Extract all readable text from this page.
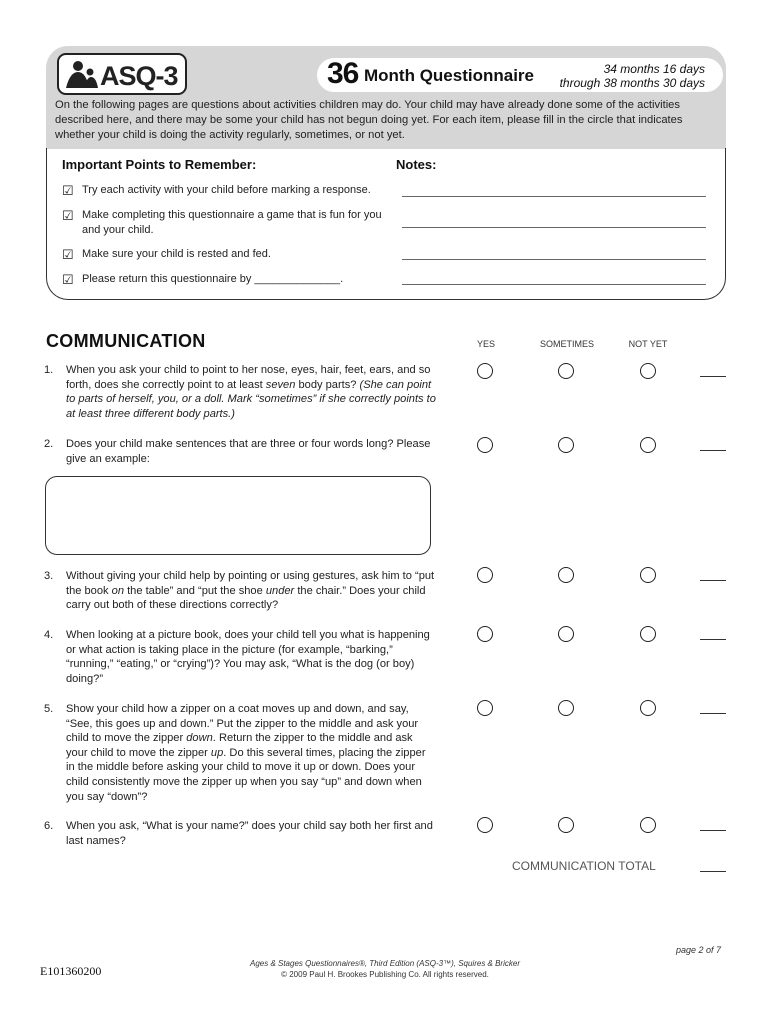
ASQ-3	36 Month Questionnaire	34 months 16 days
through 38 months 30 days
On the following pages are questions about activities children may do. Your child may have already done some of the activities described here, and there may be some your child has not begun doing yet. For each item, please fill in the circle that indicates whether your child is doing the activity regularly, sometimes, or not yet.
Important Points to Remember:	Notes:
☑ Try each activity with your child before marking a response.
☑ Make completing this questionnaire a game that is fun for you and your child.
☑ Make sure your child is rested and fed.
☑ Please return this questionnaire by ______________.
COMMUNICATION	YES	SOMETIMES	NOT YET
1. When you ask your child to point to her nose, eyes, hair, feet, ears, and so forth, does she correctly point to at least seven body parts? (She can point to parts of herself, you, or a doll. Mark “sometimes” if she correctly points to at least three different body parts.)
2. Does your child make sentences that are three or four words long? Please give an example:
3. Without giving your child help by pointing or using gestures, ask him to “put the book on the table” and “put the shoe under the chair.” Does your child carry out both of these directions correctly?
4. When looking at a picture book, does your child tell you what is happening or what action is taking place in the picture (for example, “barking,” “running,” “eating,” or “crying”)? You may ask, “What is the dog (or boy) doing?”
5. Show your child how a zipper on a coat moves up and down, and say, “See, this goes up and down.” Put the zipper to the middle and ask your child to move the zipper down. Return the zipper to the middle and ask your child to move the zipper up. Do this several times, placing the zipper in the middle before asking your child to move it up or down. Does your child consistently move the zipper up when you say “up” and down when you say “down”?
6. When you ask, “What is your name?” does your child say both her first and last names?
COMMUNICATION TOTAL
page 2 of 7
E101360200
Ages & Stages Questionnaires®, Third Edition (ASQ-3™), Squires & Bricker
© 2009 Paul H. Brookes Publishing Co. All rights reserved.
